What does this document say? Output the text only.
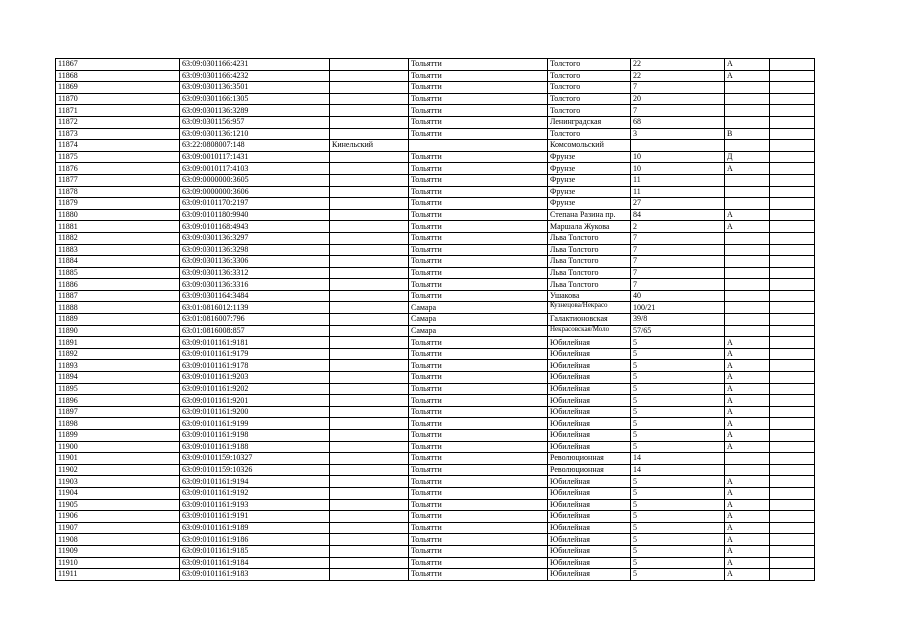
11867	63:09:0301166:4231		Тольятти	Толстого	22	А	
11868	63:09:0301166:4232		Тольятти	Толстого	22	А	
11869	63:09:0301136:3501		Тольятти	Толстого	7		
11870	63:09:0301166:1305		Тольятти	Толстого	20		
11871	63:09:0301136:3289		Тольятти	Толстого	7		
11872	63:09:0301156:957		Тольятти	Ленинградская	68		
11873	63:09:0301136:1210		Тольятти	Толстого	3	В	
11874	63:22:0808007:148	Кинельский		Комсомольский			
11875	63:09:0010117:1431		Тольятти	Фрунзе	10	Д	
11876	63:09:0010117:4103		Тольятти	Фрунзе	10	А	
11877	63:09:0000000:3605		Тольятти	Фрунзе	11		
11878	63:09:0000000:3606		Тольятти	Фрунзе	11		
11879	63:09:0101170:2197		Тольятти	Фрунзе	27		
11880	63:09:0101180:9940		Тольятти	Степана Разина пр.	84	А	
11881	63:09:0101168:4943		Тольятти	Маршала Жукова	2	А	
11882	63:09:0301136:3297		Тольятти	Льва Толстого	7		
11883	63:09:0301136:3298		Тольятти	Льва Толстого	7		
11884	63:09:0301136:3306		Тольятти	Льва Толстого	7		
11885	63:09:0301136:3312		Тольятти	Льва Толстого	7		
11886	63:09:0301136:3316		Тольятти	Льва Толстого	7		
11887	63:09:0301164:3484		Тольятти	Ушакова	40		
11888	63:01:0816012:1139		Самара	Кузнецова/Некрасо	100/21		
11889	63:01:0816007:796		Самара	Галактионовская	39/8		
11890	63:01:0816008:857		Самара	Некрасовская/Моло	57/65		
11891	63:09:0101161:9181		Тольятти	Юбилейная	5	А	
11892	63:09:0101161:9179		Тольятти	Юбилейная	5	А	
11893	63:09:0101161:9178		Тольятти	Юбилейная	5	А	
11894	63:09:0101161:9203		Тольятти	Юбилейная	5	А	
11895	63:09:0101161:9202		Тольятти	Юбилейная	5	А	
11896	63:09:0101161:9201		Тольятти	Юбилейная	5	А	
11897	63:09:0101161:9200		Тольятти	Юбилейная	5	А	
11898	63:09:0101161:9199		Тольятти	Юбилейная	5	А	
11899	63:09:0101161:9198		Тольятти	Юбилейная	5	А	
11900	63:09:0101161:9188		Тольятти	Юбилейная	5	А	
11901	63:09:0101159:10327		Тольятти	Революционная	14		
11902	63:09:0101159:10326		Тольятти	Революционная	14		
11903	63:09:0101161:9194		Тольятти	Юбилейная	5	А	
11904	63:09:0101161:9192		Тольятти	Юбилейная	5	А	
11905	63:09:0101161:9193		Тольятти	Юбилейная	5	А	
11906	63:09:0101161:9191		Тольятти	Юбилейная	5	А	
11907	63:09:0101161:9189		Тольятти	Юбилейная	5	А	
11908	63:09:0101161:9186		Тольятти	Юбилейная	5	А	
11909	63:09:0101161:9185		Тольятти	Юбилейная	5	А	
11910	63:09:0101161:9184		Тольятти	Юбилейная	5	А	
11911	63:09:0101161:9183		Тольятти	Юбилейная	5	А	
